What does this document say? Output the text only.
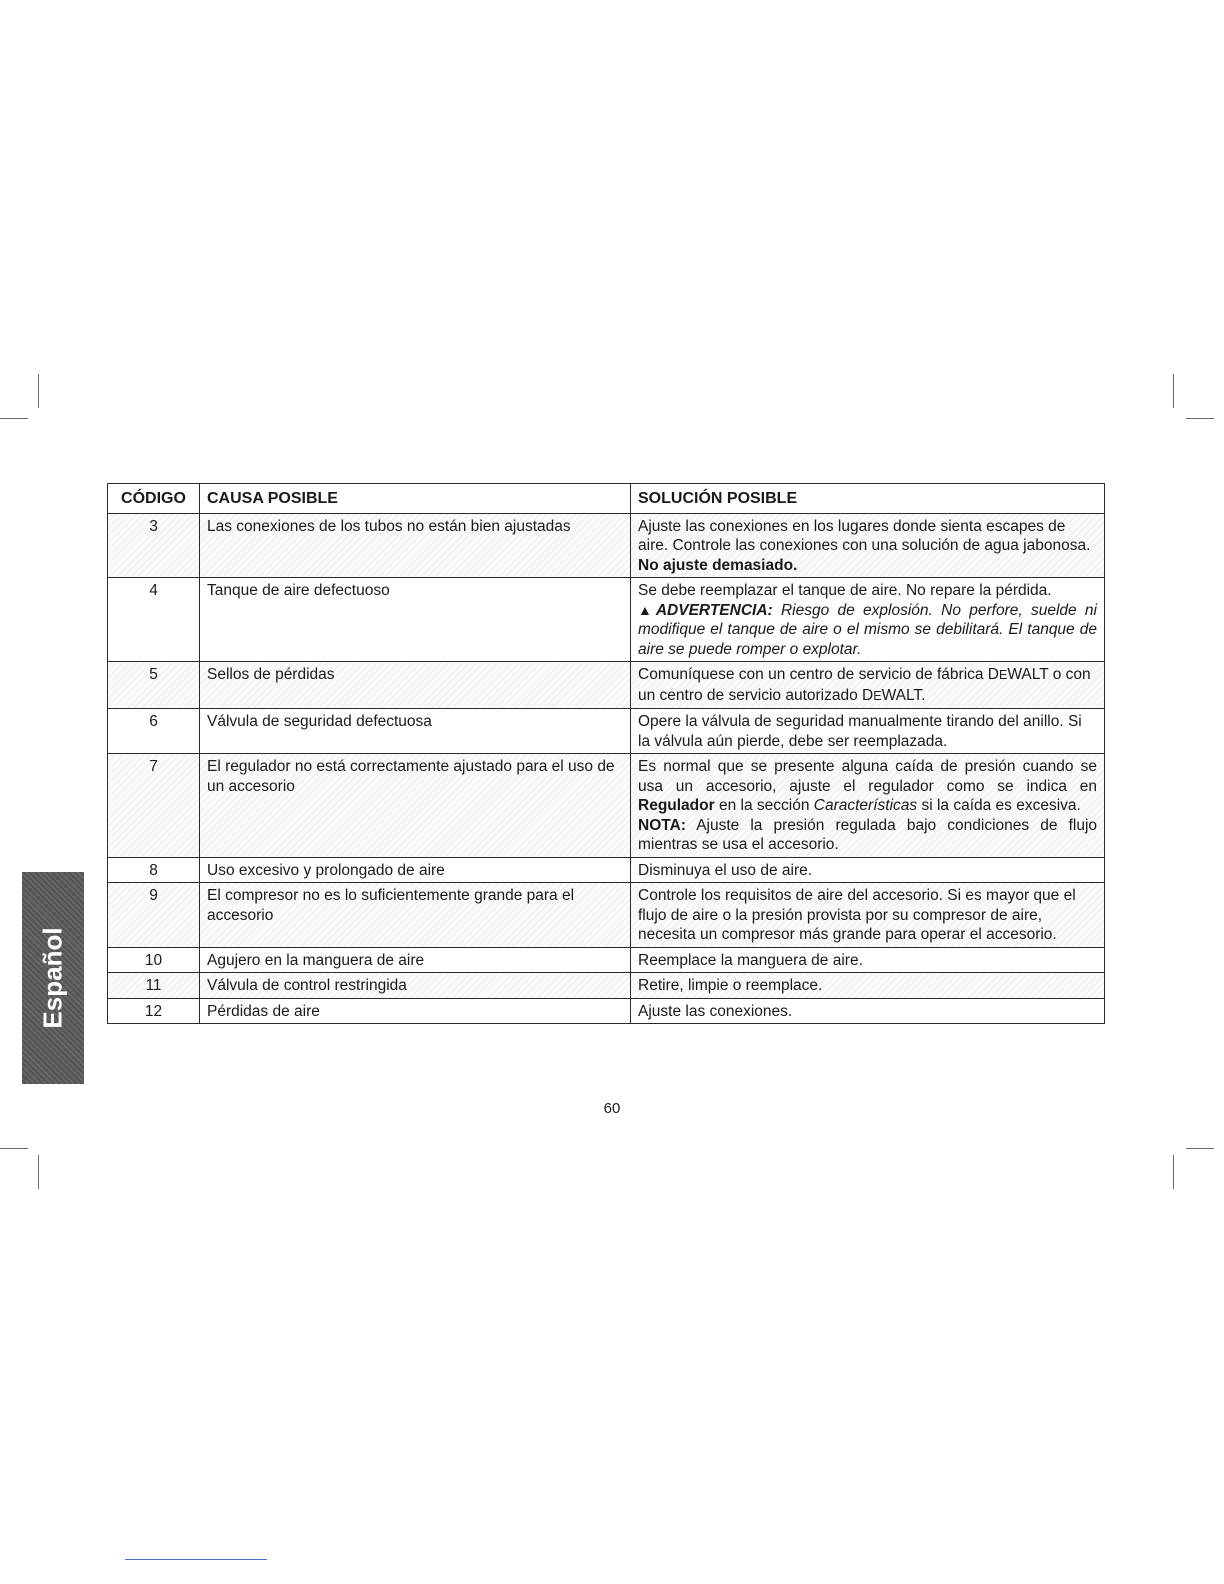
Español
CÓDIGO	CAUSA POSIBLE	SOLUCIÓN POSIBLE
3	Las conexiones de los tubos no están bien ajustadas	Ajuste las conexiones en los lugares donde sienta escapes de aire. Controle las conexiones con una solución de agua jabonosa. No ajuste demasiado.
4	Tanque de aire defectuoso	Se debe reemplazar el tanque de aire. No repare la pérdida.
▲ADVERTENCIA: Riesgo de explosión. No perfore, suelde ni modifique el tanque de aire o el mismo se debilitará. El tanque de aire se puede romper o explotar.
5	Sellos de pérdidas	Comuníquese con un centro de servicio de fábrica DEWALT o con un centro de servicio autorizado DEWALT.
6	Válvula de seguridad defectuosa	Opere la válvula de seguridad manualmente tirando del anillo. Si la válvula aún pierde, debe ser reemplazada.
7	El regulador no está correctamente ajustado para el uso de un accesorio	Es normal que se presente alguna caída de presión cuando se usa un accesorio, ajuste el regulador como se indica en Regulador en la sección Características si la caída es excesiva.
NOTA: Ajuste la presión regulada bajo condiciones de flujo mientras se usa el accesorio.
8	Uso excesivo y prolongado de aire	Disminuya el uso de aire.
9	El compresor no es lo suficientemente grande para el accesorio	Controle los requisitos de aire del accesorio. Si es mayor que el flujo de aire o la presión provista por su compresor de aire, necesita un compresor más grande para operar el accesorio.
10	Agujero en la manguera de aire	Reemplace la manguera de aire.
11	Válvula de control restringida	Retire, limpie o reemplace.
12	Pérdidas de aire	Ajuste las conexiones.
60
